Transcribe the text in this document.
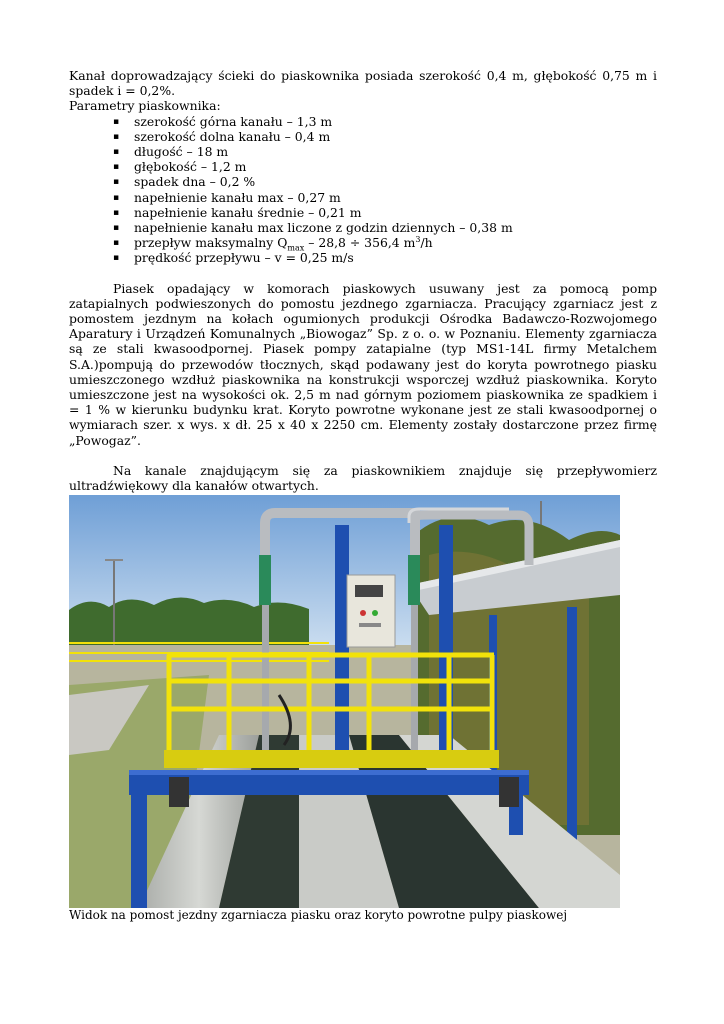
Kanał doprowadzający ścieki do piaskownika posiada szerokość 0,4 m, głębokość 0,75 m i spadek i = 0,2%.

Parametry piaskownika:

▪ szerokość górna kanału – 1,3 m
▪ szerokość dolna kanału – 0,4 m
▪ długość – 18 m
▪ głębokość – 1,2 m
▪ spadek dna – 0,2 %
▪ napełnienie kanału max – 0,27 m
▪ napełnienie kanału średnie – 0,21 m
▪ napełnienie kanału max liczone z godzin dziennych – 0,38 m
▪ przepływ maksymalny $Q_{max} - 28,8 \div 356,4$ $m^3/h$
▪ prędkość przepływu – v = 0,25 m/s

Piasek opadający w komorach piaskowych usuwany jest za pomocą pomp zatapialnych podwieszonych do pomostu jezdnego zgarniacza. Pracujący zgarniacz jest z pomostem jezdnym na kołach ogumionych produkcji Ośrodka Badawczo-Rozwojomego Aparatury i Urządzeń Komunalnych „Biowogaz” Sp. z o. o. w Poznaniu. Elementy zgarniacza są ze stali kwasoodpornej. Piasek pompy zatapialne (typ MS1-14L firmy Metalchem S.A.)pompują do przewodów tłocznych, skąd podawany jest do koryta powrotnego piasku umieszczonego wzdłuż piaskownika na konstrukcji wsporczej wzdłuż piaskownika. Koryto umieszczone jest na wysokości ok. 2,5 m nad górnym poziomem piaskownika ze spadkiem i = 1 % w kierunku budynku krat. Koryto powrotne wykonane jest ze stali kwasoodpornej o wymiarach szer. x wys. x dł. 25 x 40 x 2250 cm. Elementy zostały dostarczone przez firmę „Powogaz”.

Na kanale znajdującym się za piaskownikiem znajduje się przepływomierz ultradźwiękowy dla kanałów otwartych.

Widok na pomost jezdny zgarniacza piasku oraz koryto powrotne pulpy piaskowej
